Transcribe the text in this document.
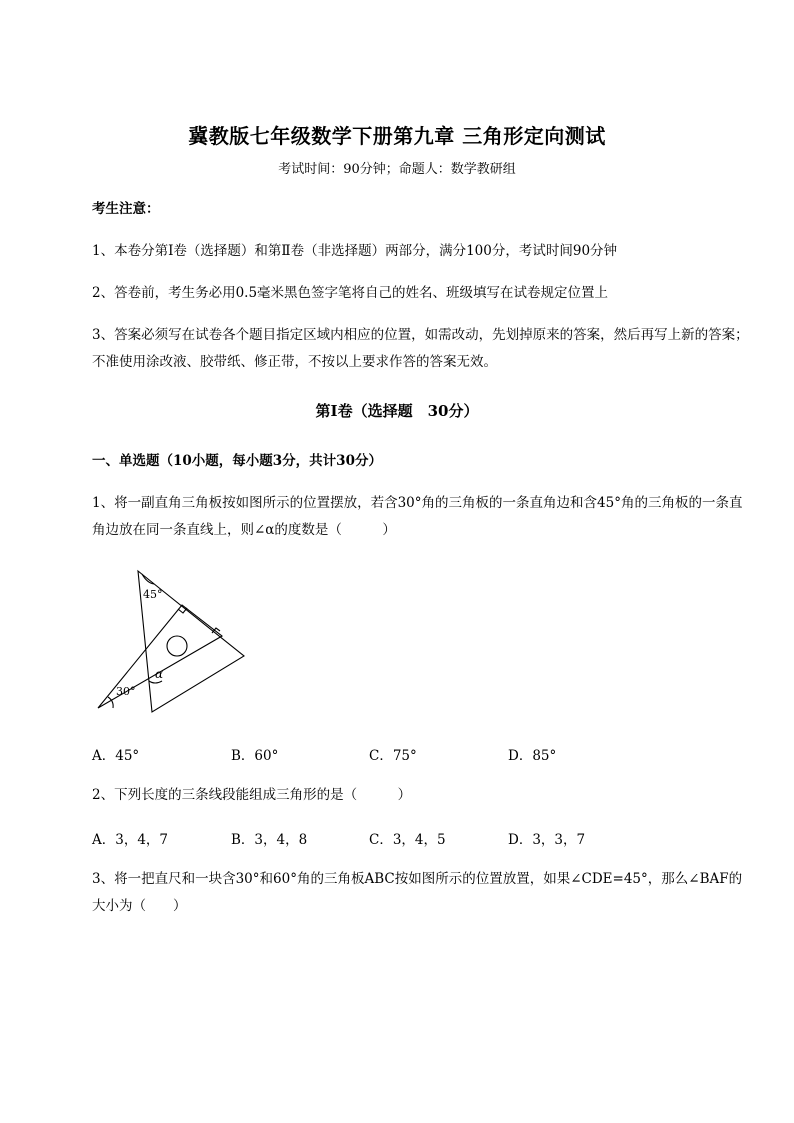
冀教版七年级数学下册第九章 三角形定向测试
考试时间：90分钟；命题人：数学教研组
考生注意：
1、本卷分第I卷（选择题）和第Ⅱ卷（非选择题）两部分，满分100分，考试时间90分钟
2、答卷前，考生务必用0.5毫米黑色签字笔将自己的姓名、班级填写在试卷规定位置上
3、答案必须写在试卷各个题目指定区域内相应的位置，如需改动，先划掉原来的答案，然后再写上新的答案；不准使用涂改液、胶带纸、修正带，不按以上要求作答的答案无效。
第I卷（选择题　30分）
一、单选题（10小题，每小题3分，共计30分）
1、将一副直角三角板按如图所示的位置摆放，若含30°角的三角板的一条直角边和含45°角的三角板的一条直角边放在同一条直线上，则∠α的度数是（　　　）
45°
30°
α
A．45°	B．60°	C．75°	D．85°
2、下列长度的三条线段能组成三角形的是（　　　）
A．3，4，7	B．3，4，8	C．3，4，5	D．3，3，7
3、将一把直尺和一块含30°和60°角的三角板ABC按如图所示的位置放置，如果∠CDE=45°，那么∠BAF的大小为（　　）
